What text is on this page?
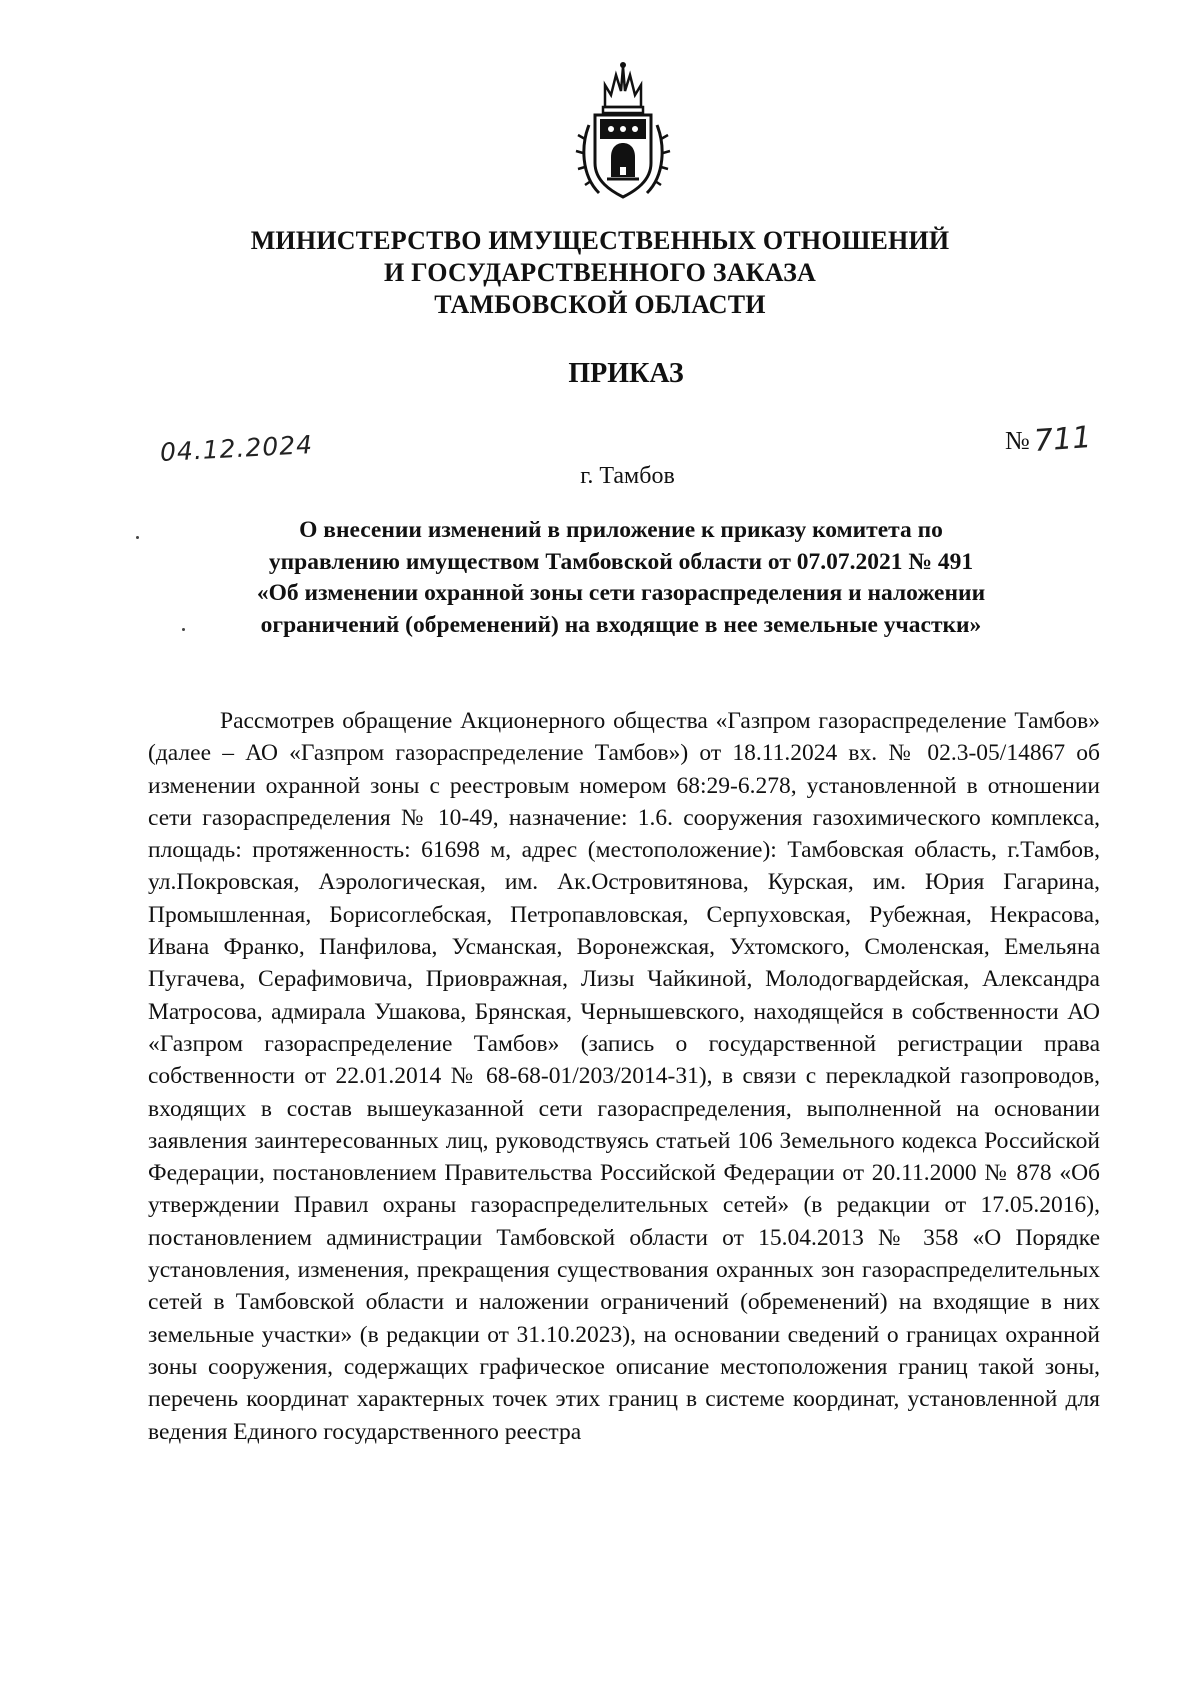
МИНИСТЕРСТВО ИМУЩЕСТВЕННЫХ ОТНОШЕНИЙ
И ГОСУДАРСТВЕННОГО ЗАКАЗА
ТАМБОВСКОЙ ОБЛАСТИ
ПРИКАЗ
04.12.2024	№711
г. Тамбов
О внесении изменений в приложение к приказу комитета по
управлению имуществом Тамбовской области от 07.07.2021 № 491
«Об изменении охранной зоны сети газораспределения и наложении
ограничений (обременений) на входящие в нее земельные участки»
Рассмотрев обращение Акционерного общества «Газпром газораспределение Тамбов» (далее – АО «Газпром газораспределение Тамбов») от 18.11.2024 вх. № 02.3-05/14867 об изменении охранной зоны с реестровым номером 68:29-6.278, установленной в отношении сети газораспределения № 10-49, назначение: 1.6. сооружения газохимического комплекса, площадь: протяженность: 61698 м, адрес (местоположение): Тамбовская область, г.Тамбов, ул.Покровская, Аэрологическая, им. Ак.Островитянова, Курская, им. Юрия Гагарина, Промышленная, Борисоглебская, Петропавловская, Серпуховская, Рубежная, Некрасова, Ивана Франко, Панфилова, Усманская, Воронежская, Ухтомского, Смоленская, Емельяна Пугачева, Серафимовича, Приовражная, Лизы Чайкиной, Молодогвардейская, Александра Матросова, адмирала Ушакова, Брянская, Чернышевского, находящейся в собственности АО «Газпром газораспределение Тамбов» (запись о государственной регистрации права собственности от 22.01.2014 № 68-68-01/203/2014-31), в связи с перекладкой газопроводов, входящих в состав вышеуказанной сети газораспределения, выполненной на основании заявления заинтересованных лиц, руководствуясь статьей 106 Земельного кодекса Российской Федерации, постановлением Правительства Российской Федерации от 20.11.2000 № 878 «Об утверждении Правил охраны газораспределительных сетей» (в редакции от 17.05.2016), постановлением администрации Тамбовской области от 15.04.2013 № 358 «О Порядке установления, изменения, прекращения существования охранных зон газораспределительных сетей в Тамбовской области и наложении ограничений (обременений) на входящие в них земельные участки» (в редакции от 31.10.2023), на основании сведений о границах охранной зоны сооружения, содержащих графическое описание местоположения границ такой зоны, перечень координат характерных точек этих границ в системе координат, установленной для ведения Единого государственного реестра
